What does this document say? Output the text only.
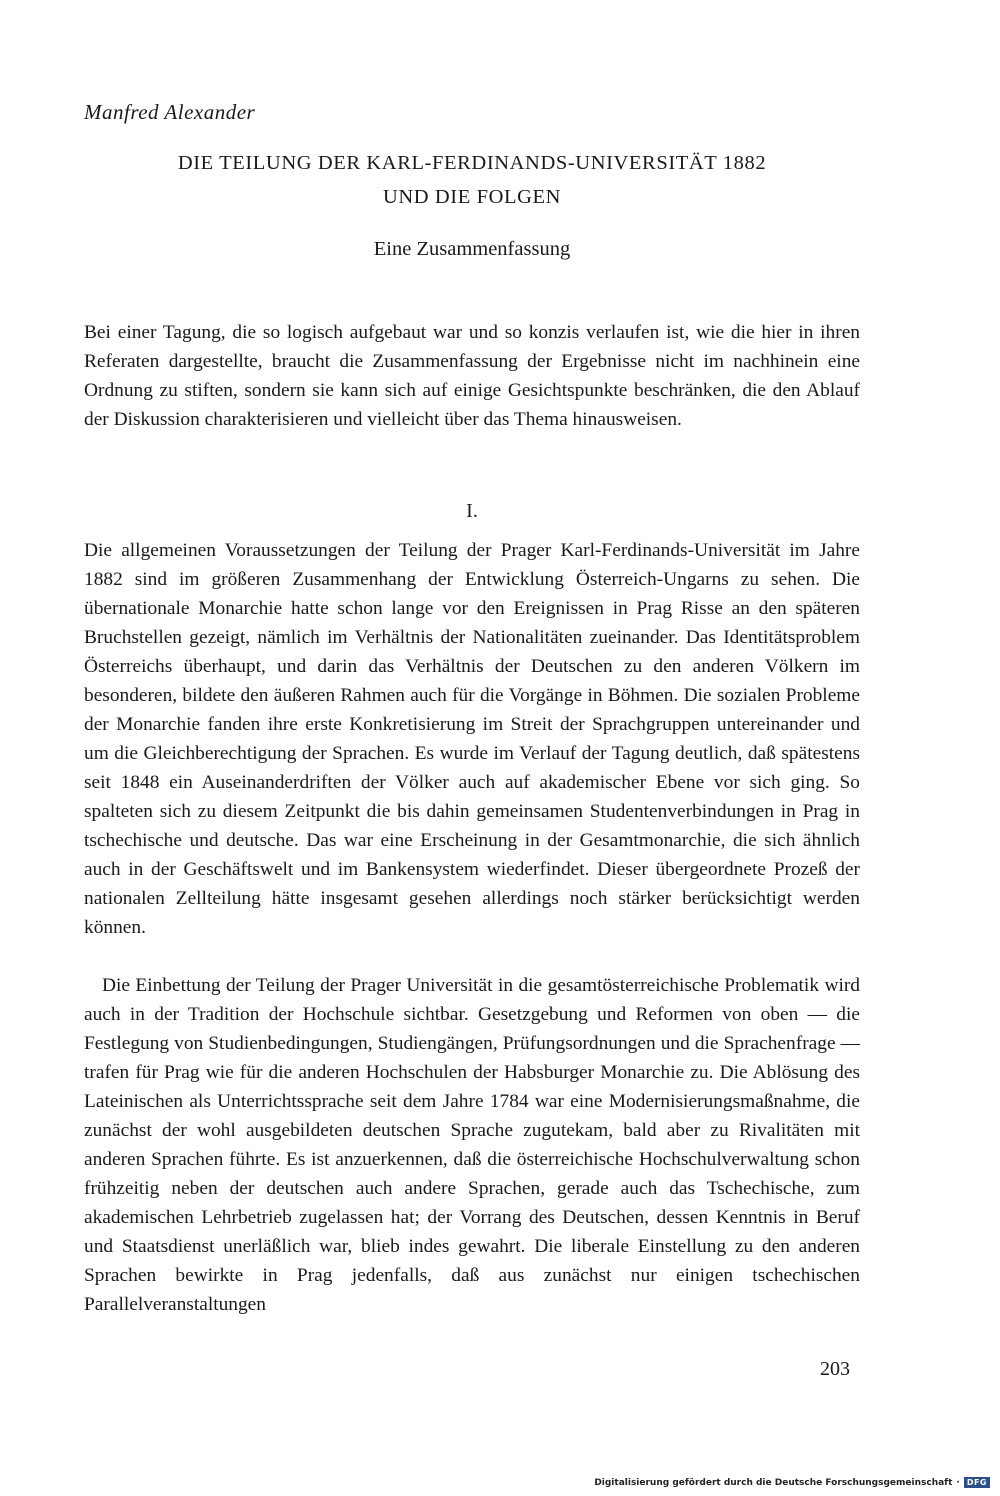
Manfred Alexander
DIE TEILUNG DER KARL-FERDINANDS-UNIVERSITÄT 1882
UND DIE FOLGEN
Eine Zusammenfassung

Bei einer Tagung, die so logisch aufgebaut war und so konzis verlaufen ist, wie die hier in ihren Referaten dargestellte, braucht die Zusammenfassung der Ergebnisse nicht im nachhinein eine Ordnung zu stiften, sondern sie kann sich auf einige Gesichtspunkte beschränken, die den Ablauf der Diskussion charakterisieren und vielleicht über das Thema hinausweisen.

I.

Die allgemeinen Voraussetzungen der Teilung der Prager Karl-Ferdinands-Universität im Jahre 1882 sind im größeren Zusammenhang der Entwicklung Österreich-Ungarns zu sehen. Die übernationale Monarchie hatte schon lange vor den Ereignissen in Prag Risse an den späteren Bruchstellen gezeigt, nämlich im Verhältnis der Nationalitäten zueinander. Das Identitätsproblem Österreichs überhaupt, und darin das Verhältnis der Deutschen zu den anderen Völkern im besonderen, bildete den äußeren Rahmen auch für die Vorgänge in Böhmen. Die sozialen Probleme der Monarchie fanden ihre erste Konkretisierung im Streit der Sprachgruppen untereinander und um die Gleichberechtigung der Sprachen. Es wurde im Verlauf der Tagung deutlich, daß spätestens seit 1848 ein Auseinanderdriften der Völker auch auf akademischer Ebene vor sich ging. So spalteten sich zu diesem Zeitpunkt die bis dahin gemeinsamen Studentenverbindungen in Prag in tschechische und deutsche. Das war eine Erscheinung in der Gesamtmonarchie, die sich ähnlich auch in der Geschäftswelt und im Bankensystem wiederfindet. Dieser übergeordnete Prozeß der nationalen Zellteilung hätte insgesamt gesehen allerdings noch stärker berücksichtigt werden können.

Die Einbettung der Teilung der Prager Universität in die gesamtösterreichische Problematik wird auch in der Tradition der Hochschule sichtbar. Gesetzgebung und Reformen von oben — die Festlegung von Studienbedingungen, Studiengängen, Prüfungsordnungen und die Sprachenfrage — trafen für Prag wie für die anderen Hochschulen der Habsburger Monarchie zu. Die Ablösung des Lateinischen als Unterrichtssprache seit dem Jahre 1784 war eine Modernisierungsmaßnahme, die zunächst der wohl ausgebildeten deutschen Sprache zugutekam, bald aber zu Rivalitäten mit anderen Sprachen führte. Es ist anzuerkennen, daß die österreichische Hochschulverwaltung schon frühzeitig neben der deutschen auch andere Sprachen, gerade auch das Tschechische, zum akademischen Lehrbetrieb zugelassen hat; der Vorrang des Deutschen, dessen Kenntnis in Beruf und Staatsdienst unerläßlich war, blieb indes gewahrt. Die liberale Einstellung zu den anderen Sprachen bewirkte in Prag jedenfalls, daß aus zunächst nur einigen tschechischen Parallelveranstaltungen

203
Digitalisierung gefördert durch die Deutsche Forschungsgemeinschaft · DFG
